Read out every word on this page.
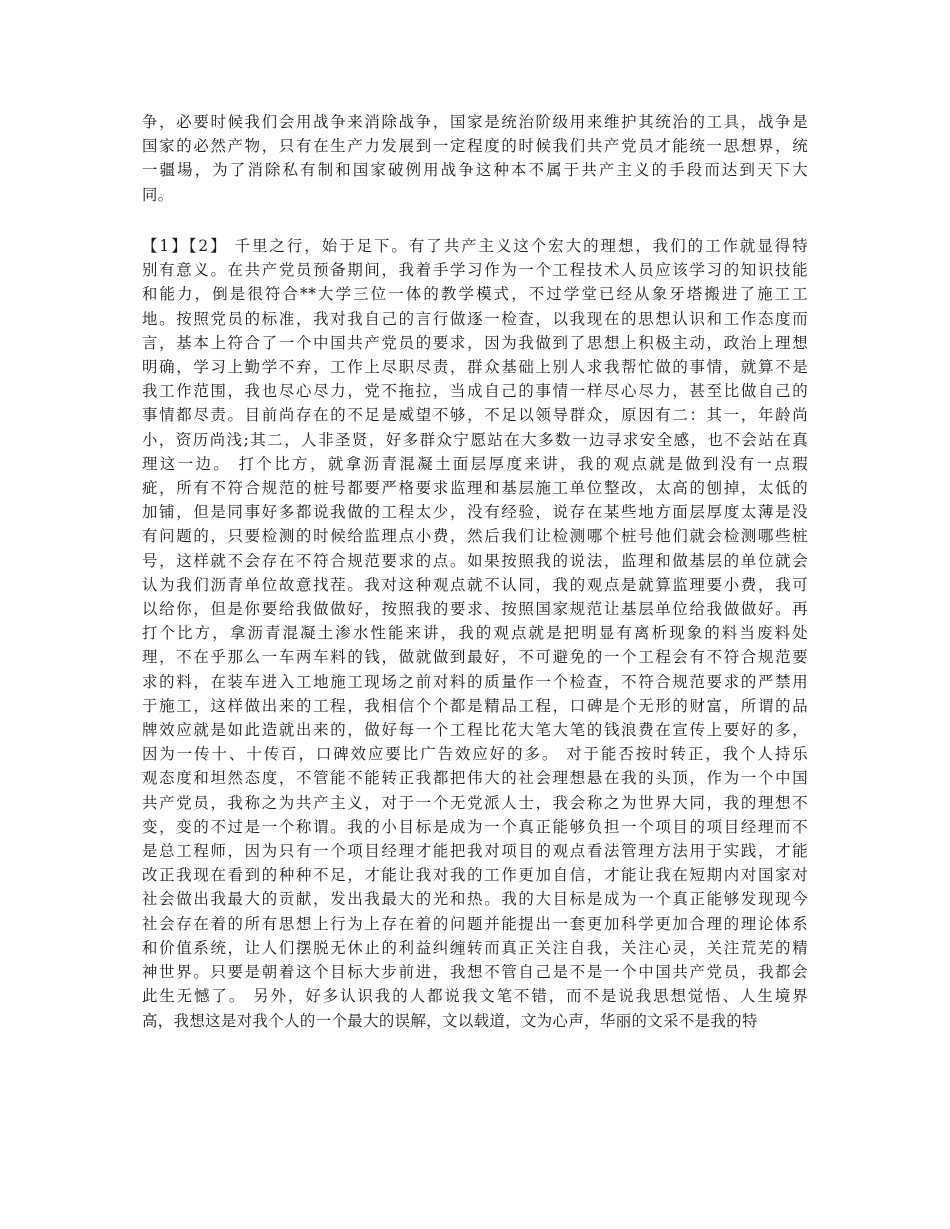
争，必要时候我们会用战争来消除战争，国家是统治阶级用来维护其统治的工具，战争是
国家的必然产物，只有在生产力发展到一定程度的时候我们共产党员才能统一思想界，统
一疆場，为了消除私有制和国家破例用战争这种本不属于共产主义的手段而达到天下大
同。
【1】【2】 千里之行，始于足下。有了共产主义这个宏大的理想，我们的工作就显得特
别有意义。在共产党员预备期间，我着手学习作为一个工程技术人员应该学习的知识技能
和能力，倒是很符合**大学三位一体的教学模式，不过学堂已经从象牙塔搬进了施工工
地。按照党员的标准，我对我自己的言行做逐一检查，以我现在的思想认识和工作态度而
言，基本上符合了一个中国共产党员的要求，因为我做到了思想上积极主动，政治上理想
明确，学习上勤学不弃，工作上尽职尽责，群众基础上别人求我帮忙做的事情，就算不是
我工作范围，我也尽心尽力，党不拖拉，当成自己的事情一样尽心尽力，甚至比做自己的
事情都尽责。目前尚存在的不足是威望不够，不足以领导群众，原因有二：其一，年龄尚
小，资历尚浅;其二，人非圣贤，好多群众宁愿站在大多数一边寻求安全感，也不会站在真
理这一边。 打个比方，就拿沥青混凝土面层厚度来讲，我的观点就是做到没有一点瑕
疵，所有不符合规范的桩号都要严格要求监理和基层施工单位整改，太高的刨掉，太低的
加铺，但是同事好多都说我做的工程太少，没有经验，说存在某些地方面层厚度太薄是没
有问题的，只要检测的时候给监理点小费，然后我们让检测哪个桩号他们就会检测哪些桩
号，这样就不会存在不符合规范要求的点。如果按照我的说法，监理和做基层的单位就会
认为我们沥青单位故意找茬。我对这种观点就不认同，我的观点是就算监理要小费，我可
以给你，但是你要给我做做好，按照我的要求、按照国家规范让基层单位给我做做好。再
打个比方，拿沥青混凝土渗水性能来讲，我的观点就是把明显有离析现象的料当废料处
理，不在乎那么一车两车料的钱，做就做到最好，不可避免的一个工程会有不符合规范要
求的料，在装车进入工地施工现场之前对料的质量作一个检查，不符合规范要求的严禁用
于施工，这样做出来的工程，我相信个个都是精品工程，口碑是个无形的财富，所谓的品
牌效应就是如此造就出来的，做好每一个工程比花大笔大笔的钱浪费在宣传上要好的多，
因为一传十、十传百，口碑效应要比广告效应好的多。 对于能否按时转正，我个人持乐
观态度和坦然态度，不管能不能转正我都把伟大的社会理想悬在我的头顶，作为一个中国
共产党员，我称之为共产主义，对于一个无党派人士，我会称之为世界大同，我的理想不
变，变的不过是一个称谓。我的小目标是成为一个真正能够负担一个项目的项目经理而不
是总工程师，因为只有一个项目经理才能把我对项目的观点看法管理方法用于实践，才能
改正我现在看到的种种不足，才能让我对我的工作更加自信，才能让我在短期内对国家对
社会做出我最大的贡献，发出我最大的光和热。我的大目标是成为一个真正能够发现现今
社会存在着的所有思想上行为上存在着的问题并能提出一套更加科学更加合理的理论体系
和价值系统，让人们摆脱无休止的利益纠缠转而真正关注自我，关注心灵，关注荒芜的精
神世界。只要是朝着这个目标大步前进，我想不管自己是不是一个中国共产党员，我都会
此生无憾了。 另外，好多认识我的人都说我文笔不错，而不是说我思想觉悟、人生境界
高，我想这是对我个人的一个最大的误解，文以载道，文为心声，华丽的文采不是我的特
